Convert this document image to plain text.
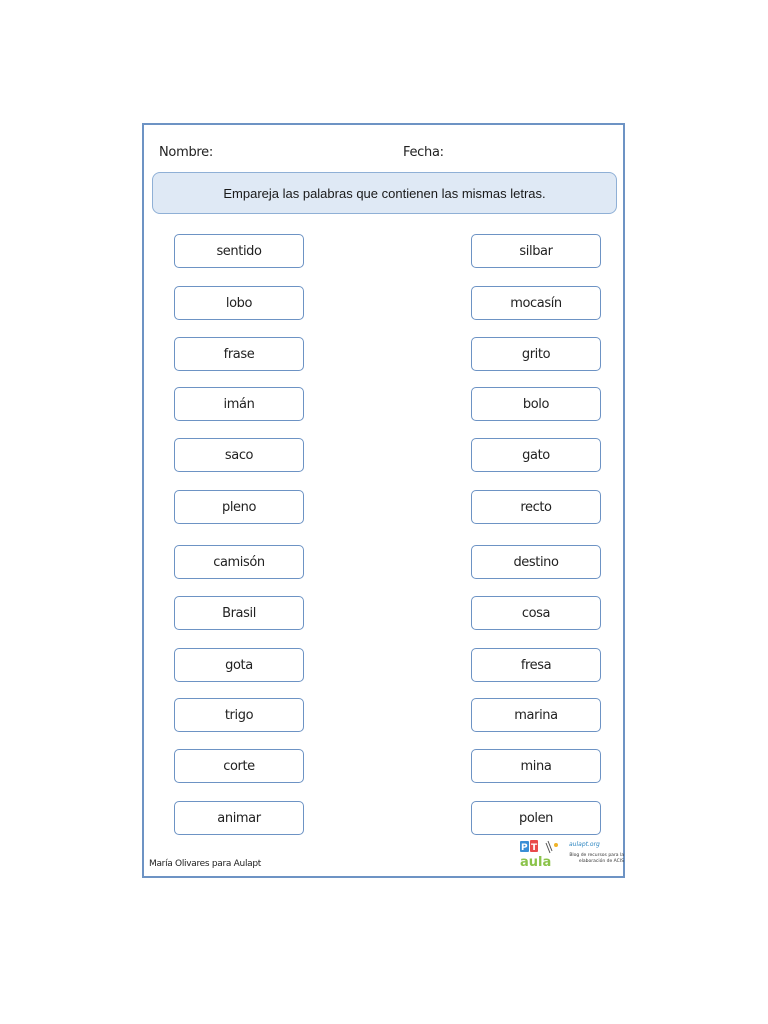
Nombre:	Fecha:
Empareja las palabras que contienen las mismas letras.
sentido
lobo
frase
imán
saco
pleno
camisón
Brasil
gota
trigo
corte
animar
silbar
mocasín
grito
bolo
gato
recto
destino
cosa
fresa
marina
mina
polen
María Olivares para Aulapt
P T
aula
aulapt.org
Blog de recursos para la elaboración de ACIS
